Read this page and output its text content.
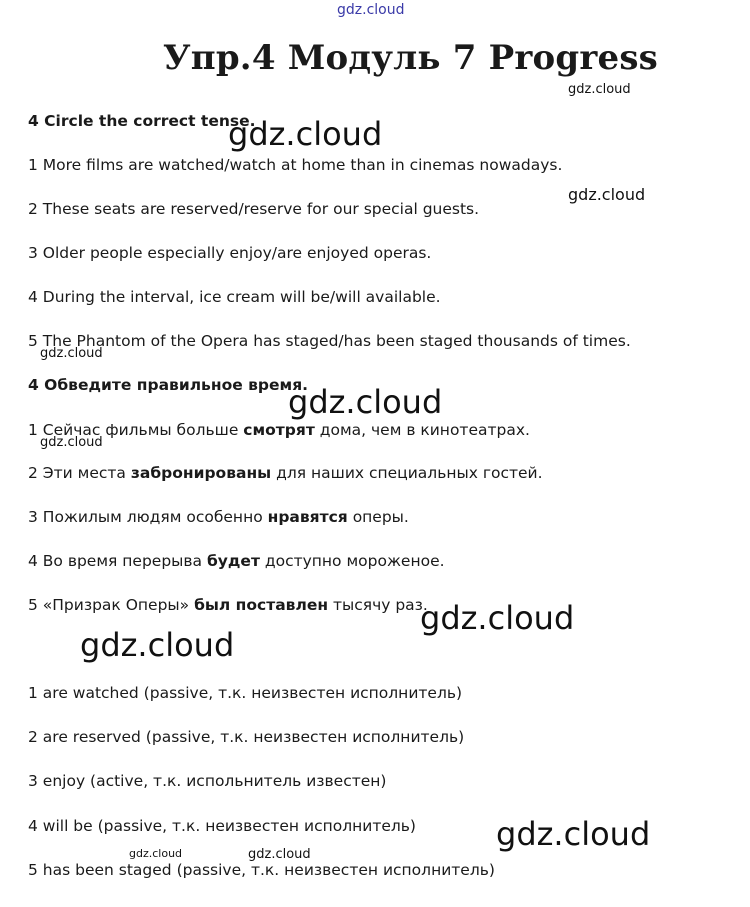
gdz.cloud
gdz.cloud
gdz.cloud
gdz.cloud
gdz.cloud
gdz.cloud
gdz.cloud
gdz.cloud
gdz.cloud
gdz.cloud
gdz.cloud	gdz.cloud
Упр.4 Модуль 7 Progress
4 Circle the correct tense.
1 More films are watched/watch at home than in cinemas nowadays.
2 These seats are reserved/reserve for our special guests.
3 Older people especially enjoy/are enjoyed operas.
4 During the interval, ice cream will be/will available.
5 The Phantom of the Opera has staged/has been staged thousands of times.
4 Обведите правильное время.
1 Сейчас фильмы больше смотрят дома, чем в кинотеатрах.
2 Эти места забронированы для наших специальных гостей.
3 Пожилым людям особенно нравятся оперы.
4 Во время перерыва будет доступно мороженое.
5 «Призрак Оперы» был поставлен тысячу раз.
1 are watched (passive, т.к. неизвестен исполнитель)
2 are reserved (passive, т.к. неизвестен исполнитель)
3 enjoy (active, т.к. испольнитель известен)
4 will be (passive, т.к. неизвестен исполнитель)
5 has been staged (passive, т.к. неизвестен исполнитель)
